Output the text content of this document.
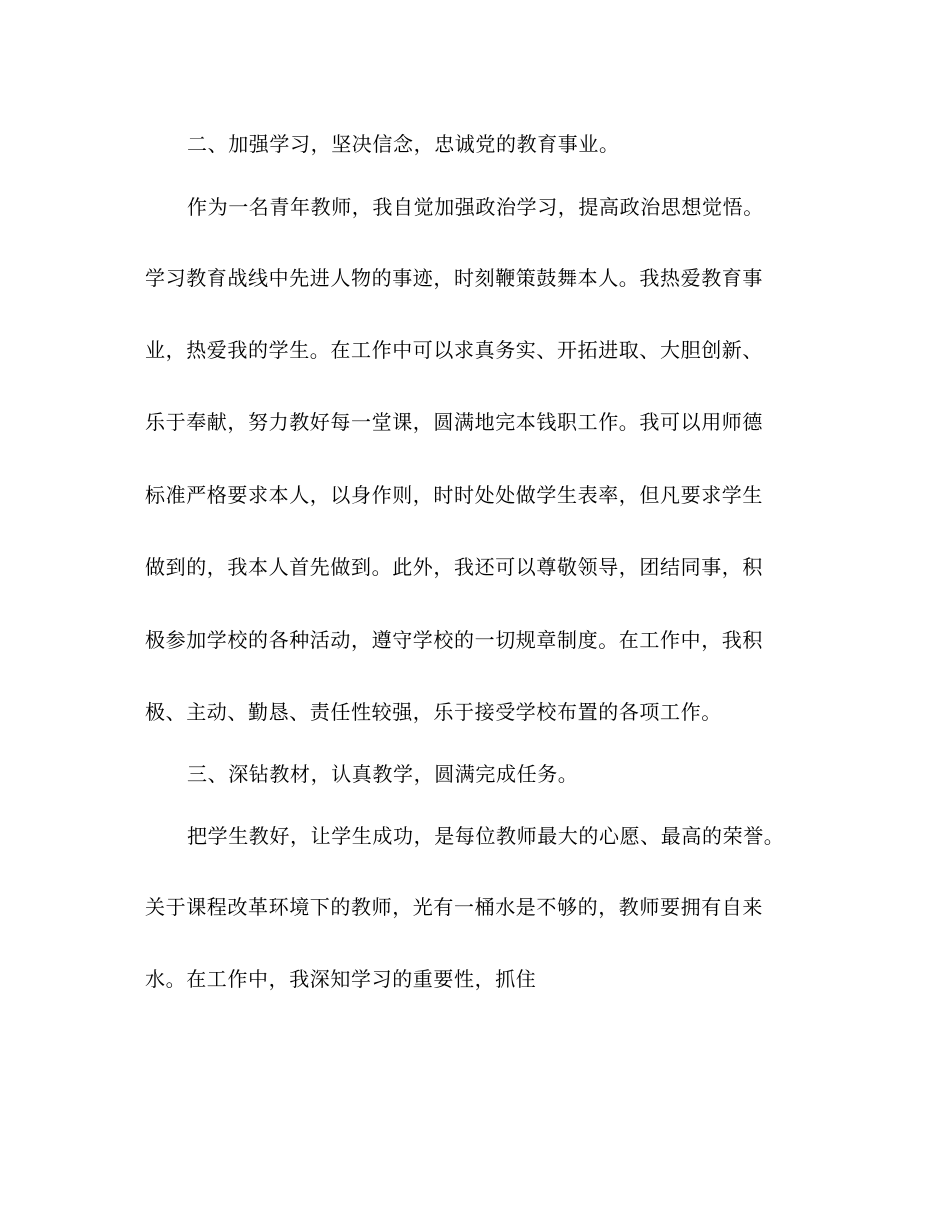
二、加强学习，坚决信念，忠诚党的教育事业。

作为一名青年教师，我自觉加强政治学习，提高政治思想觉悟。

学习教育战线中先进人物的事迹，时刻鞭策鼓舞本人。我热爱教育事

业，热爱我的学生。在工作中可以求真务实、开拓进取、大胆创新、

乐于奉献，努力教好每一堂课，圆满地完本钱职工作。我可以用师德

标准严格要求本人，以身作则，时时处处做学生表率，但凡要求学生

做到的，我本人首先做到。此外，我还可以尊敬领导，团结同事，积

极参加学校的各种活动，遵守学校的一切规章制度。在工作中，我积

极、主动、勤恳、责任性较强，乐于接受学校布置的各项工作。

三、深钻教材，认真教学，圆满完成任务。

把学生教好，让学生成功，是每位教师最大的心愿、最高的荣誉。

关于课程改革环境下的教师，光有一桶水是不够的，教师要拥有自来

水。在工作中，我深知学习的重要性，抓住
